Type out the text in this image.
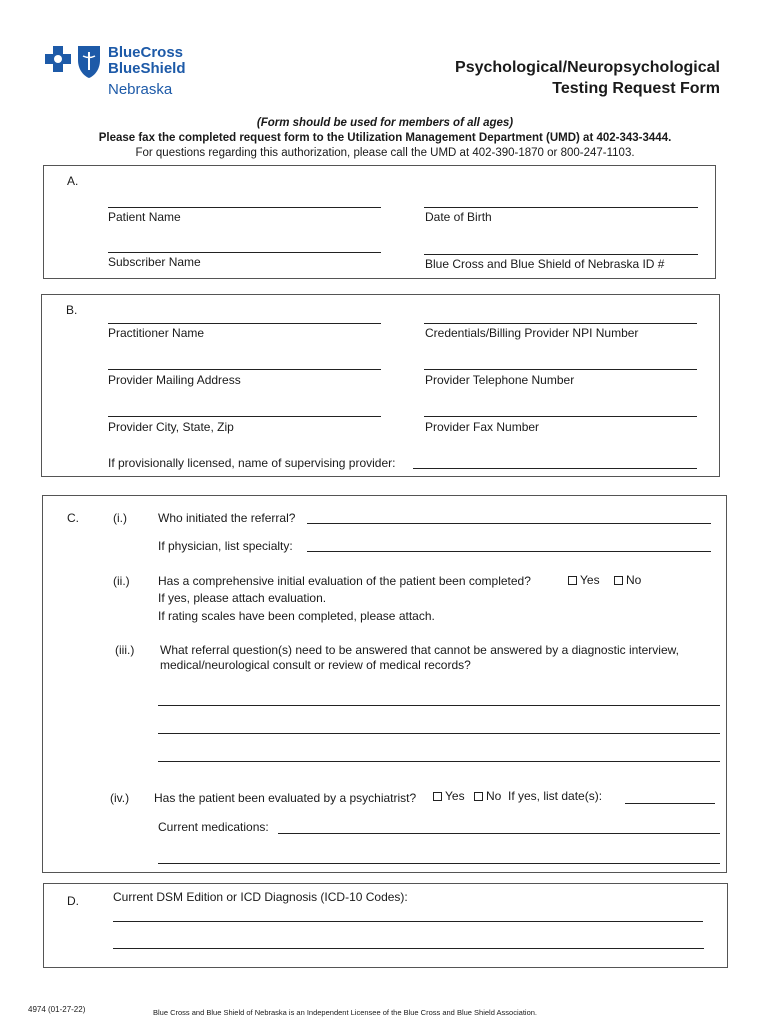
BlueCross
BlueShield
Nebraska
Psychological/Neuropsychological
Testing Request Form
(Form should be used for members of all ages)
Please fax the completed request form to the Utilization Management Department (UMD) at 402-343-3444.
For questions regarding this authorization, please call the UMD at 402-390-1870 or 800-247-1103.
A.
Patient Name	Date of Birth
Subscriber Name	Blue Cross and Blue Shield of Nebraska ID #
B.
Practitioner Name	Credentials/Billing Provider NPI Number
Provider Mailing Address	Provider Telephone Number
Provider City, State, Zip	Provider Fax Number
If provisionally licensed, name of supervising provider:
C.	(i.)	Who initiated the referral?
If physician, list specialty:
(ii.) Has a comprehensive initial evaluation of the patient been completed?	Yes	No
If yes, please attach evaluation.
If rating scales have been completed, please attach.
(iii.) What referral question(s) need to be answered that cannot be answered by a diagnostic interview,
medical/neurological consult or review of medical records?
(iv.) Has the patient been evaluated by a psychiatrist?	Yes	No If yes, list date(s):
Current medications:
D.	Current DSM Edition or ICD Diagnosis (ICD-10 Codes):
4974 (01-27-22)	Blue Cross and Blue Shield of Nebraska is an Independent Licensee of the Blue Cross and Blue Shield Association.
